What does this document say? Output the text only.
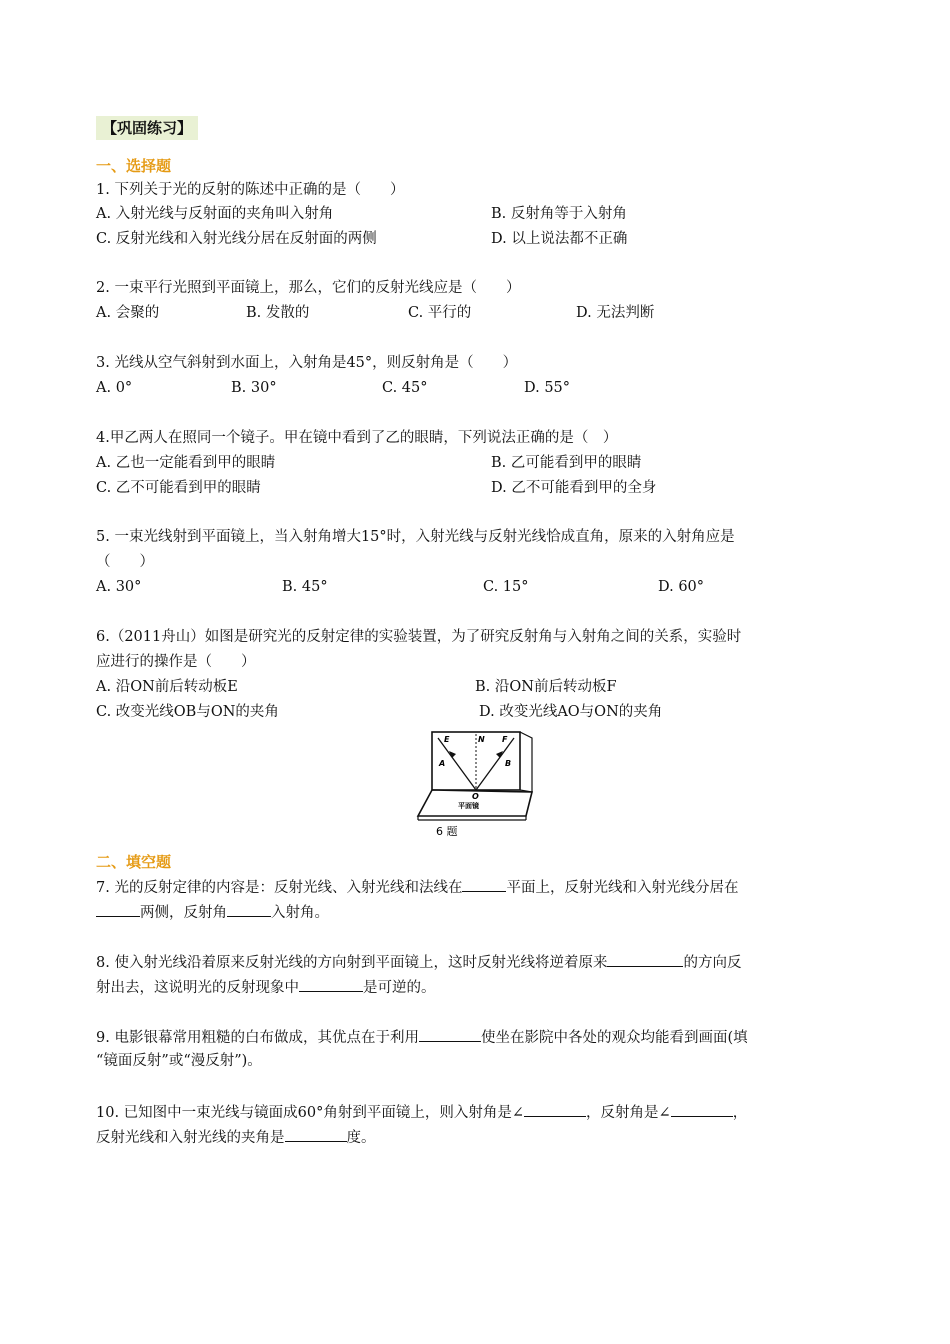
【巩固练习】
一、选择题
1. 下列关于光的反射的陈述中正确的是（　　）
A. 入射光线与反射面的夹角叫入射角	B. 反射角等于入射角
C. 反射光线和入射光线分居在反射面的两侧	D. 以上说法都不正确
2. 一束平行光照到平面镜上，那么，它们的反射光线应是（　　）
A. 会聚的	B. 发散的	C. 平行的	D. 无法判断
3. 光线从空气斜射到水面上，入射角是45°，则反射角是（　　）
A. 0°	B. 30°	C. 45°	D. 55°
4.甲乙两人在照同一个镜子。甲在镜中看到了乙的眼睛，下列说法正确的是（　）
A. 乙也一定能看到甲的眼睛	B. 乙可能看到甲的眼睛
C. 乙不可能看到甲的眼睛	D. 乙不可能看到甲的全身
5. 一束光线射到平面镜上，当入射角增大15°时，入射光线与反射光线恰成直角，原来的入射角应是
（　　）
A. 30°	B. 45°	C. 15°	D. 60°
6.（2011舟山）如图是研究光的反射定律的实验装置，为了研究反射角与入射角之间的关系，实验时
应进行的操作是（　　）
A. 沿ON前后转动板E	B. 沿ON前后转动板F
C. 改变光线OB与ON的夹角	D. 改变光线AO与ON的夹角
E	N F
A	B
O
平面镜
6 题
二、填空题
7. 光的反射定律的内容是：反射光线、入射光线和法线在	平面上，反射光线和入射光线分居在
两侧，反射角	入射角。
8. 使入射光线沿着原来反射光线的方向射到平面镜上，这时反射光线将逆着原来	的方向反
射出去，这说明光的反射现象中	是可逆的。
9. 电影银幕常用粗糙的白布做成，其优点在于利用	使坐在影院中各处的观众均能看到画面(填
“镜面反射”或“漫反射”)。
10. 已知图中一束光线与镜面成60°角射到平面镜上，则入射角是∠	，反射角是∠	，
反射光线和入射光线的夹角是	度。
